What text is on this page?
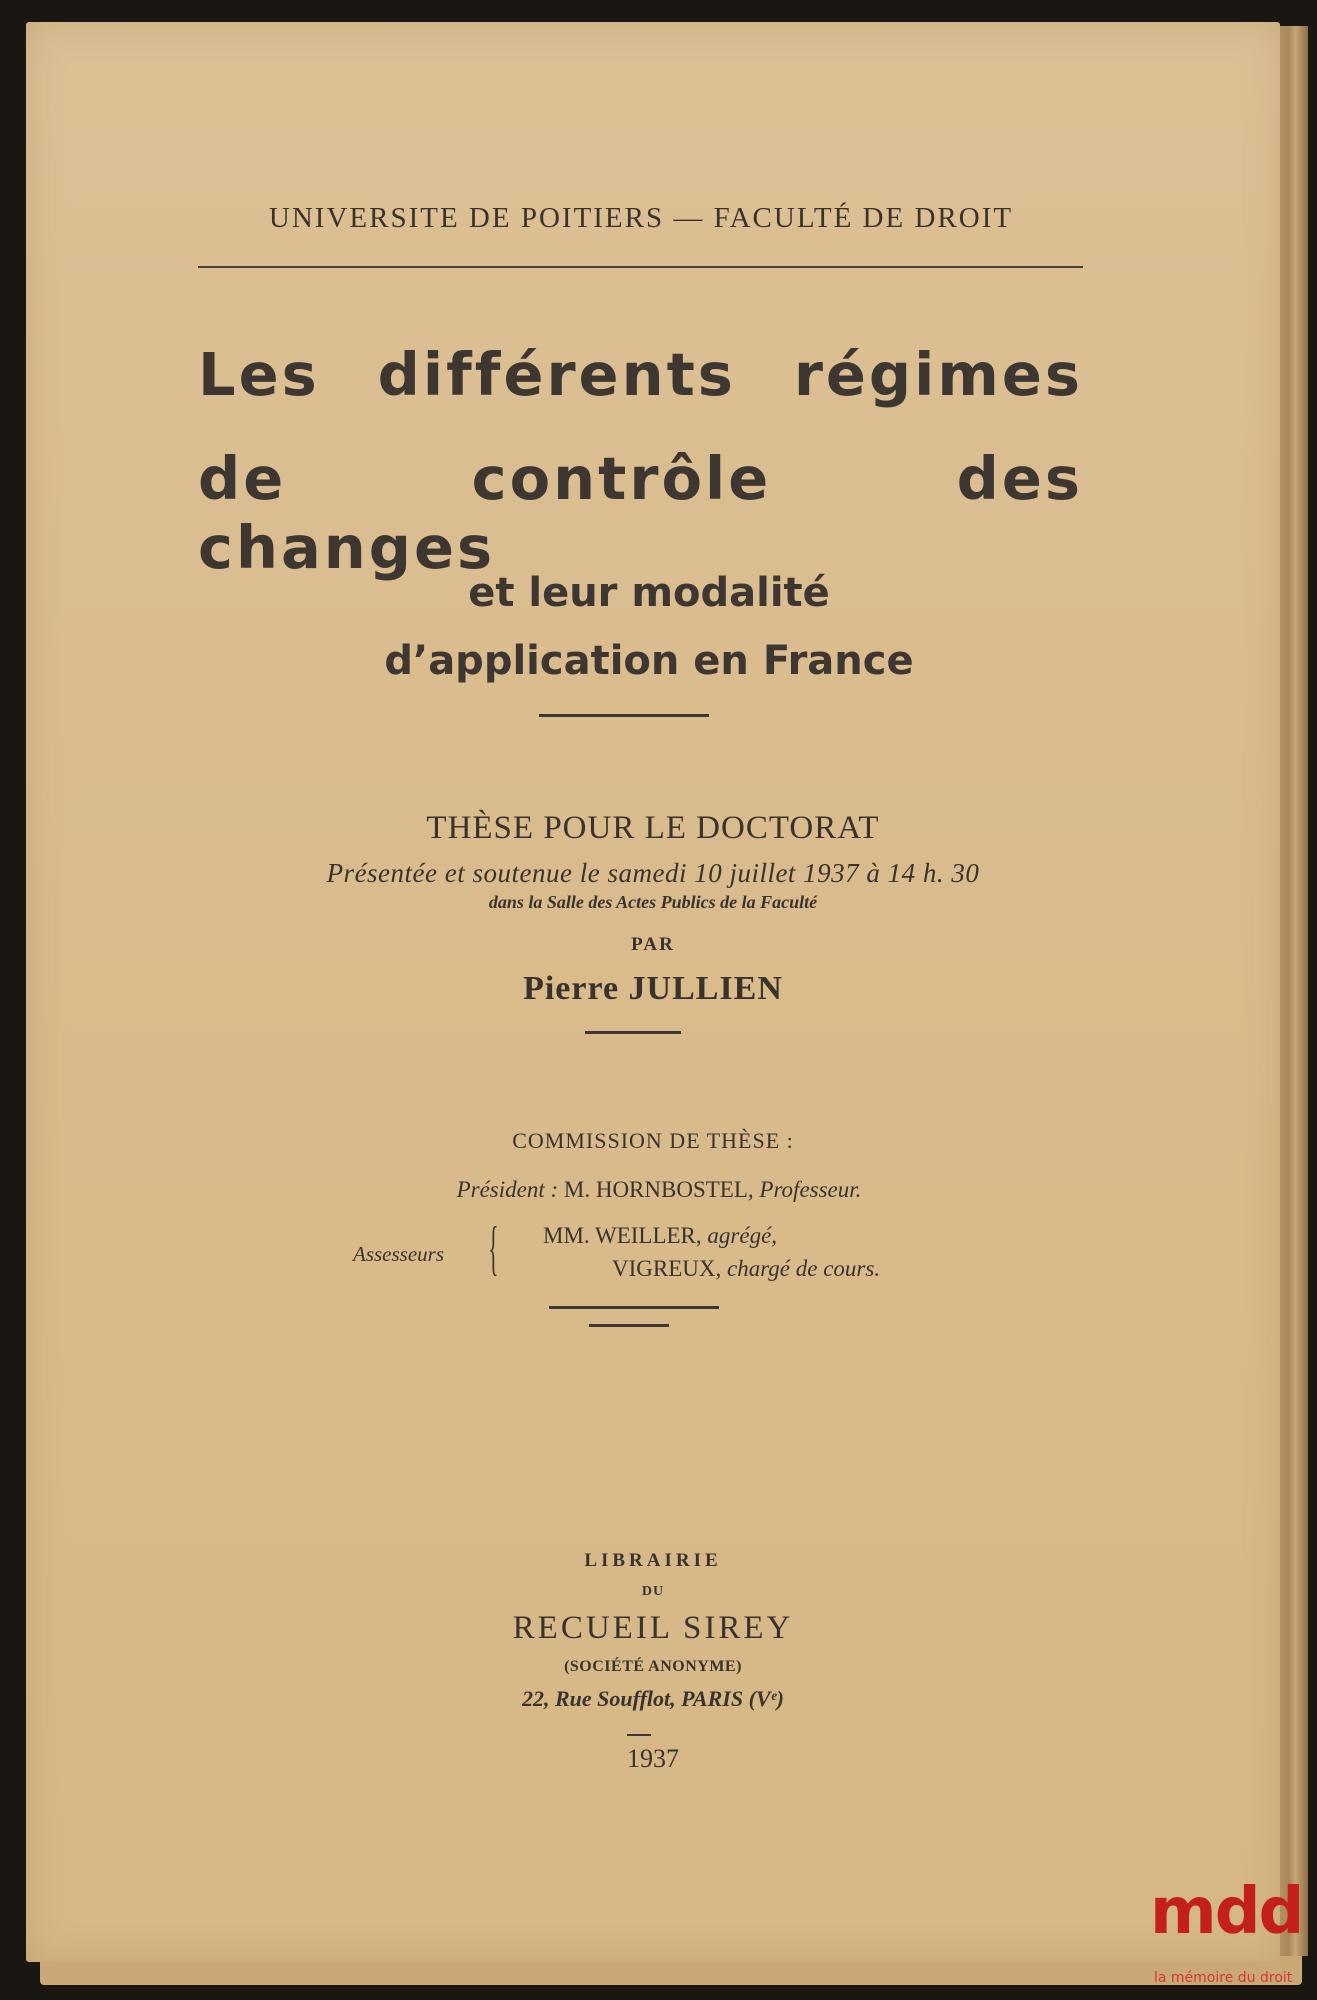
UNIVERSITE DE POITIERS — FACULTÉ DE DROIT
Les différents régimes
de contrôle des changes
et leur modalité
d’application en France
THÈSE POUR LE DOCTORAT
Présentée et soutenue le samedi 10 juillet 1937 à 14 h. 30
dans la Salle des Actes Publics de la Faculté
PAR
Pierre JULLIEN
COMMISSION DE THÈSE :
Président : M. HORNBOSTEL, Professeur.
Assesseurs { MM. WEILLER, agrégé,
VIGREUX, chargé de cours.
LIBRAIRIE
DU
RECUEIL SIREY
(SOCIÉTÉ ANONYME)
22, Rue Soufflot, PARIS (Vᵉ)
1937
mdd
la mémoire du droit
